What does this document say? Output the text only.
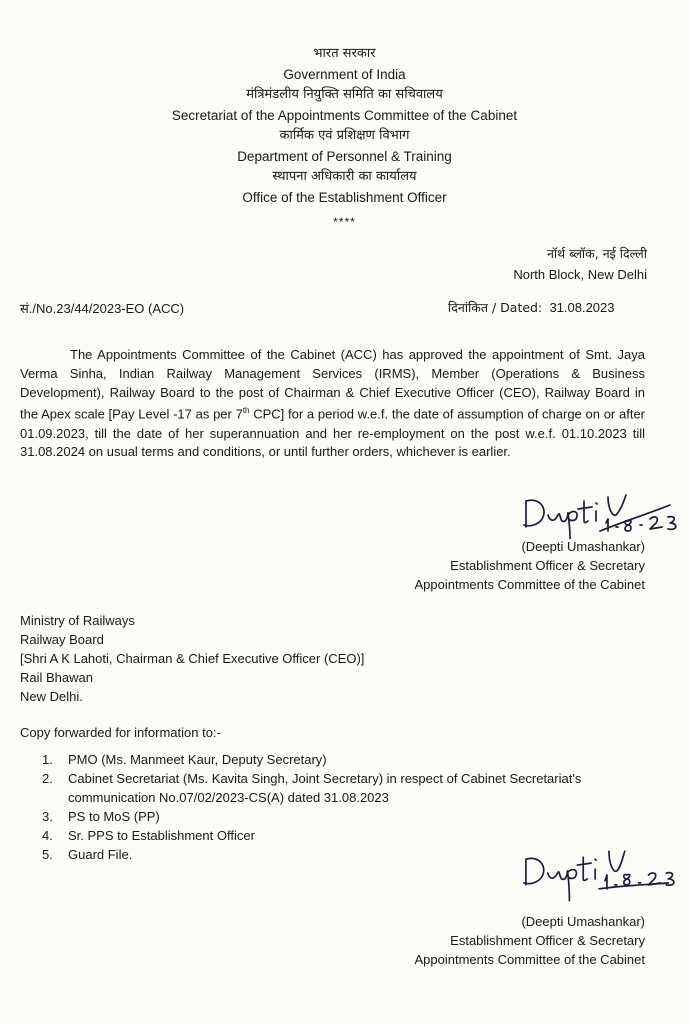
भारत सरकार
Government of India
मंत्रिमंडलीय नियुक्ति समिति का सचिवालय
Secretariat of the Appointments Committee of the Cabinet
कार्मिक एवं प्रशिक्षण विभाग
Department of Personnel & Training
स्थापना अधिकारी का कार्यालय
Office of the Establishment Officer
****
नॉर्थ ब्लॉक, नई दिल्ली
North Block, New Delhi
सं./No.23/44/2023-EO (ACC)	दिनांकित / Dated: 31.08.2023
The Appointments Committee of the Cabinet (ACC) has approved the appointment of Smt. Jaya Verma Sinha, Indian Railway Management Services (IRMS), Member (Operations & Business Development), Railway Board to the post of Chairman & Chief Executive Officer (CEO), Railway Board in the Apex scale [Pay Level -17 as per 7th CPC] for a period w.e.f. the date of assumption of charge on or after 01.09.2023, till the date of her superannuation and her re-employment on the post w.e.f. 01.10.2023 till 31.08.2024 on usual terms and conditions, or until further orders, whichever is earlier.
(Deepti Umashankar)
Establishment Officer & Secretary
Appointments Committee of the Cabinet
Ministry of Railways
Railway Board
[Shri A K Lahoti, Chairman & Chief Executive Officer (CEO)]
Rail Bhawan
New Delhi.
Copy forwarded for information to:-
1. PMO (Ms. Manmeet Kaur, Deputy Secretary)
2. Cabinet Secretariat (Ms. Kavita Singh, Joint Secretary) in respect of Cabinet Secretariat's communication No.07/02/2023-CS(A) dated 31.08.2023
3. PS to MoS (PP)
4. Sr. PPS to Establishment Officer
5. Guard File.
(Deepti Umashankar)
Establishment Officer & Secretary
Appointments Committee of the Cabinet
